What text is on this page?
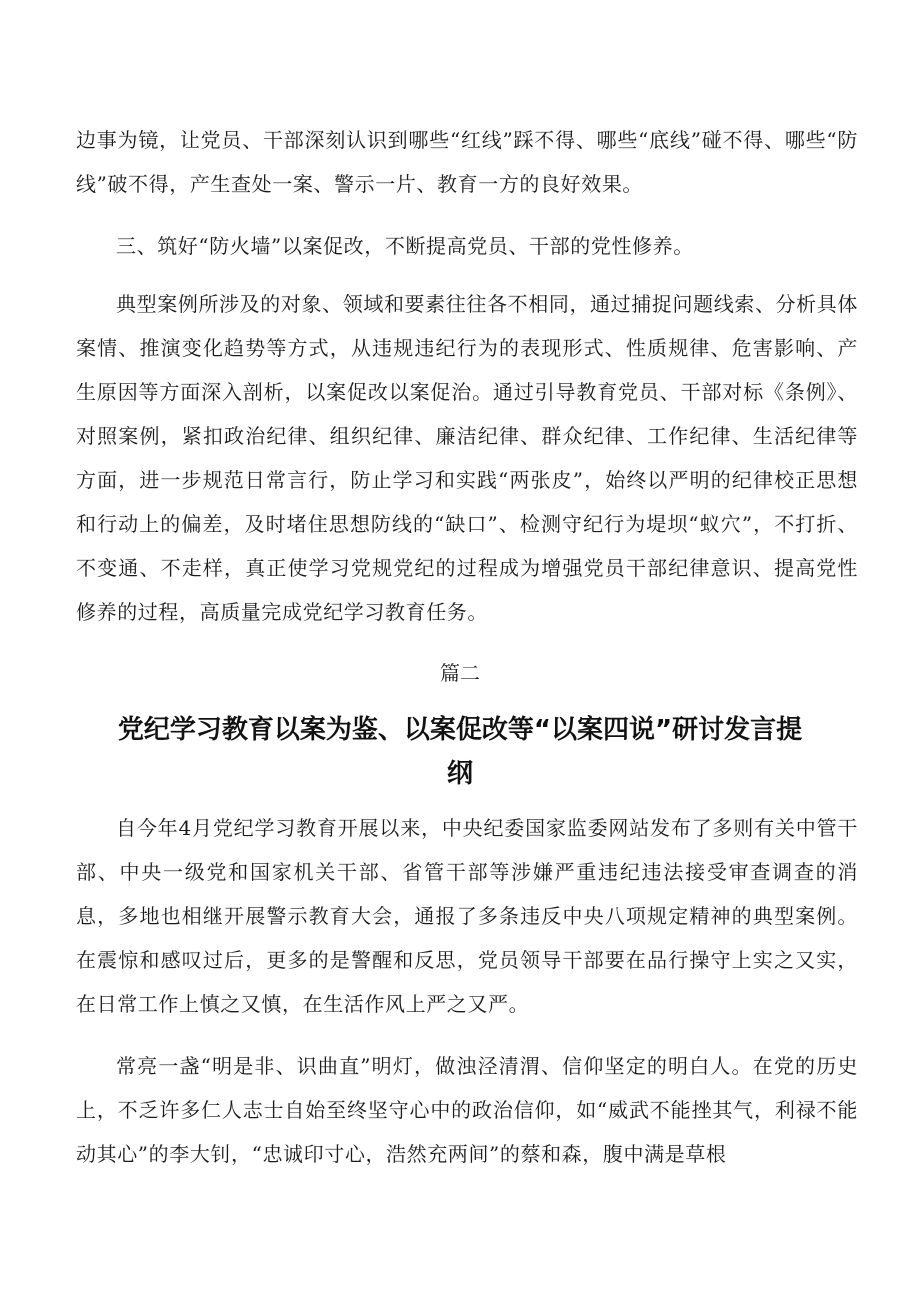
边事为镜，让党员、干部深刻认识到哪些“红线”踩不得、哪些“底线”碰不得、哪些“防线”破不得，产生查处一案、警示一片、教育一方的良好效果。

三、筑好“防火墙”以案促改，不断提高党员、干部的党性修养。

典型案例所涉及的对象、领域和要素往往各不相同，通过捕捉问题线索、分析具体案情、推演变化趋势等方式，从违规违纪行为的表现形式、性质规律、危害影响、产生原因等方面深入剖析，以案促改以案促治。通过引导教育党员、干部对标《条例》、对照案例，紧扣政治纪律、组织纪律、廉洁纪律、群众纪律、工作纪律、生活纪律等方面，进一步规范日常言行，防止学习和实践“两张皮”，始终以严明的纪律校正思想和行动上的偏差，及时堵住思想防线的“缺口”、检测守纪行为堤坝“蚁穴”，不打折、不变通、不走样，真正使学习党规党纪的过程成为增强党员干部纪律意识、提高党性修养的过程，高质量完成党纪学习教育任务。

篇二

党纪学习教育以案为鉴、以案促改等“以案四说”研讨发言提纲

自今年4月党纪学习教育开展以来，中央纪委国家监委网站发布了多则有关中管干部、中央一级党和国家机关干部、省管干部等涉嫌严重违纪违法接受审查调查的消息，多地也相继开展警示教育大会，通报了多条违反中央八项规定精神的典型案例。在震惊和感叹过后，更多的是警醒和反思，党员领导干部要在品行操守上实之又实，在日常工作上慎之又慎，在生活作风上严之又严。

常亮一盏“明是非、识曲直”明灯，做浊泾清渭、信仰坚定的明白人。在党的历史上，不乏许多仁人志士自始至终坚守心中的政治信仰，如“威武不能挫其气，利禄不能动其心”的李大钊，“忠诚印寸心，浩然充两间”的蔡和森，腹中满是草根
